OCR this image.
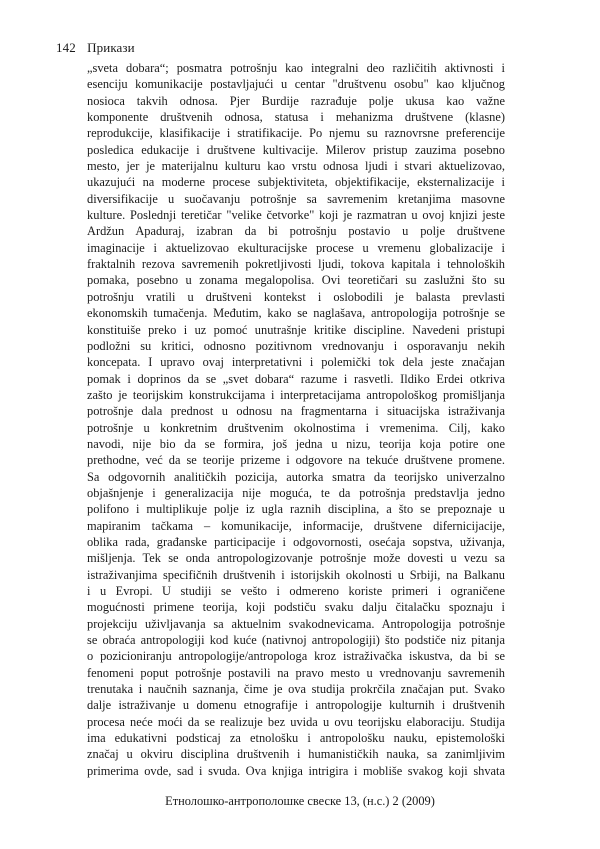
142 Прикази
„sveta dobara“; posmatra potrošnju kao integralni deo različitih aktivnosti i
esenciju komunikacije postavljajući u centar "društvenu osobu" kao ključnog
nosioca takvih odnosa. Pjer Burdije razrađuje polje ukusa kao važne
komponente društvenih odnosa, statusa i mehanizma društvene (klasne)
reprodukcije, klasifikacije i stratifikacije. Po njemu su raznovrsne preferencije
posledica edukacije i društvene kultivacije. Milerov pristup zauzima posebno
mesto, jer je materijalnu kulturu kao vrstu odnosa ljudi i stvari aktuelizovao,
ukazujući na moderne procese subjektiviteta, objektifikacije, eksternalizacije i
diversifikacije u suočavanju potrošnje sa savremenim kretanjima masovne
kulture. Poslednji teretičar "velike četvorke" koji je razmatran u ovoj knjizi jeste
Ardžun Apaduraj, izabran da bi potrošnju postavio u polje društvene
imaginacije i aktuelizovao ekulturacijske procese u vremenu globalizacije i
fraktalnih rezova savremenih pokretljivosti ljudi, tokova kapitala i tehnoloških
pomaka, posebno u zonama megalopolisa. Ovi teoretičari su zaslužni što su
potrošnju vratili u društveni kontekst i oslobodili je balasta prevlasti
ekonomskih tumačenja. Međutim, kako se naglašava, antropologija potrošnje se
konstituiše preko i uz pomoć unutrašnje kritike discipline. Navedeni pristupi
podložni su kritici, odnosno pozitivnom vrednovanju i osporavanju nekih
koncepata. I upravo ovaj interpretativni i polemički tok dela jeste značajan
pomak i doprinos da se „svet dobara“ razume i rasvetli. Ildiko Erdei otkriva
zašto je teorijskim konstrukcijama i interpretacijama antropološkog promišljanja
potrošnje dala prednost u odnosu na fragmentarna i situacijska istraživanja
potrošnje u konkretnim društvenim okolnostima i vremenima. Cilj, kako
navodi, nije bio da se formira, još jedna u nizu, teorija koja potire one
prethodne, već da se teorije prizeme i odgovore na tekuće društvene promene.
Sa odgovornih analitičkih pozicija, autorka smatra da teorijsko univerzalno
objašnjenje i generalizacija nije moguća, te da potrošnja predstavlja jedno
polifono i multiplikuje polje iz ugla raznih disciplina, a što se prepoznaje u
mapiranim tačkama – komunikacije, informacije, društvene difernicijacije,
oblika rada, građanske participacije i odgovornosti, osećaja sopstva, uživanja,
mišljenja. Tek se onda antropologizovanje potrošnje može dovesti u vezu sa
istraživanjima specifičnih društvenih i istorijskih okolnosti u Srbiji, na Balkanu
i u Evropi. U studiji se vešto i odmereno koriste primeri i ograničene
mogućnosti primene teorija, koji podstiču svaku dalju čitalačku spoznaju i
projekciju uživljavanja sa aktuelnim svakodnevicama. Antropologija potrošnje
se obraća antropologiji kod kuće (nativnoj antropologiji) što podstiče niz pitanja
o pozicioniranju antropologije/antropologa kroz istraživačka iskustva, da bi se
fenomeni poput potrošnje postavili na pravo mesto u vrednovanju savremenih
trenutaka i naučnih saznanja, čime je ova studija prokrčila značajan put. Svako
dalje istraživanje u domenu etnografije i antropologije kulturnih i društvenih
procesa neće moći da se realizuje bez uvida u ovu teorijsku elaboraciju. Studija
ima edukativni podsticaj za etnološku i antropološku nauku, epistemološki
značaj u okviru disciplina društvenih i humanističkih nauka, sa zanimljivim
primerima ovde, sad i svuda. Ova knjiga intrigira i mobliše svakog koji shvata
Етнолошко-антрополошке свеске 13, (н.с.) 2 (2009)
